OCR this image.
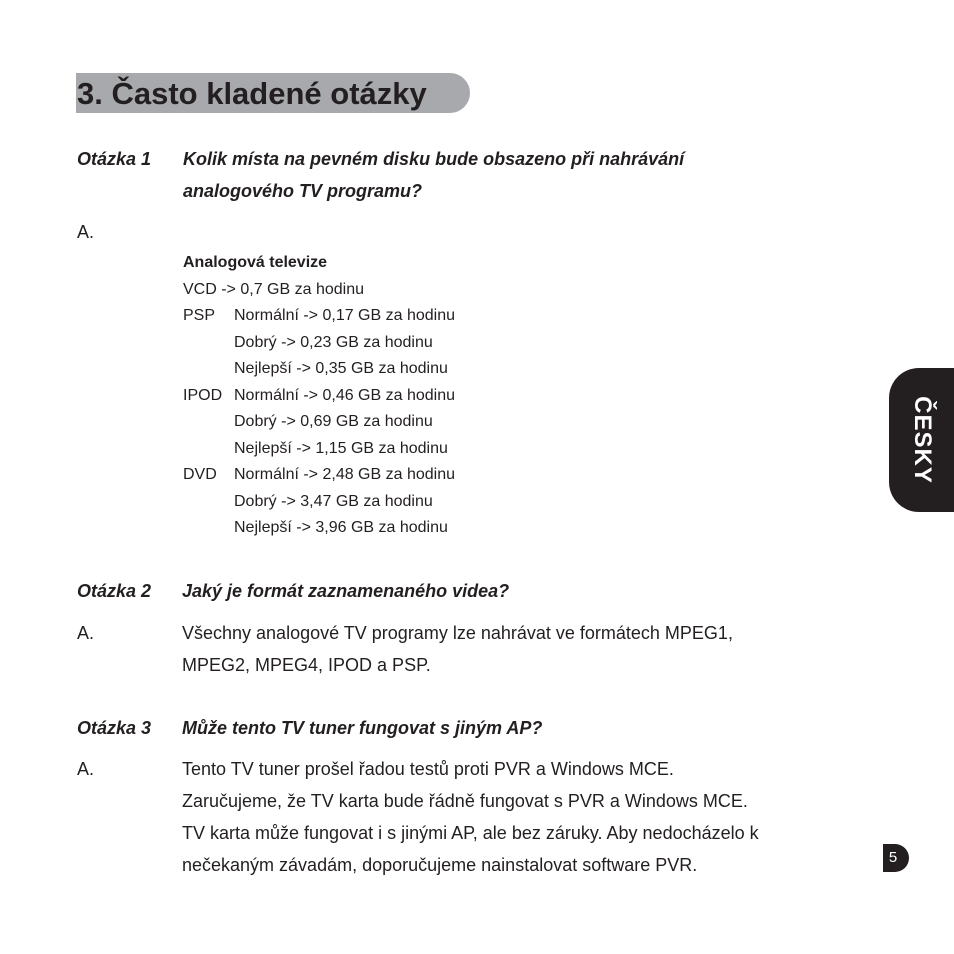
3. Často kladené otázky
Otázka 1 Kolik místa na pevném disku bude obsazeno při nahrávání
analogového TV programu?
A.
Analogová televize
VCD -> 0,7 GB za hodinu
PSP	Normální -> 0,17 GB za hodinu
Dobrý -> 0,23 GB za hodinu
Nejlepší -> 0,35 GB za hodinu
IPOD Normální -> 0,46 GB za hodinu
Dobrý -> 0,69 GB za hodinu
Nejlepší -> 1,15 GB za hodinu
DVD	Normální -> 2,48 GB za hodinu
Dobrý -> 3,47 GB za hodinu
Nejlepší -> 3,96 GB za hodinu
Otázka 2 Jaký je formát zaznamenaného videa?
A.	Všechny analogové TV programy lze nahrávat ve formátech MPEG1,

MPEG2, MPEG4, IPOD a PSP.

Otázka 3 Může tento TV tuner fungovat s jiným AP?
A.	Tento TV tuner prošel řadou testů proti PVR a Windows MCE.

Zaručujeme, že TV karta bude řádně fungovat s PVR a Windows MCE.

TV karta může fungovat i s jinými AP, ale bez záruky. Aby nedocházelo k

nečekaným závadám, doporučujeme nainstalovat software PVR.

ČESKY
5
